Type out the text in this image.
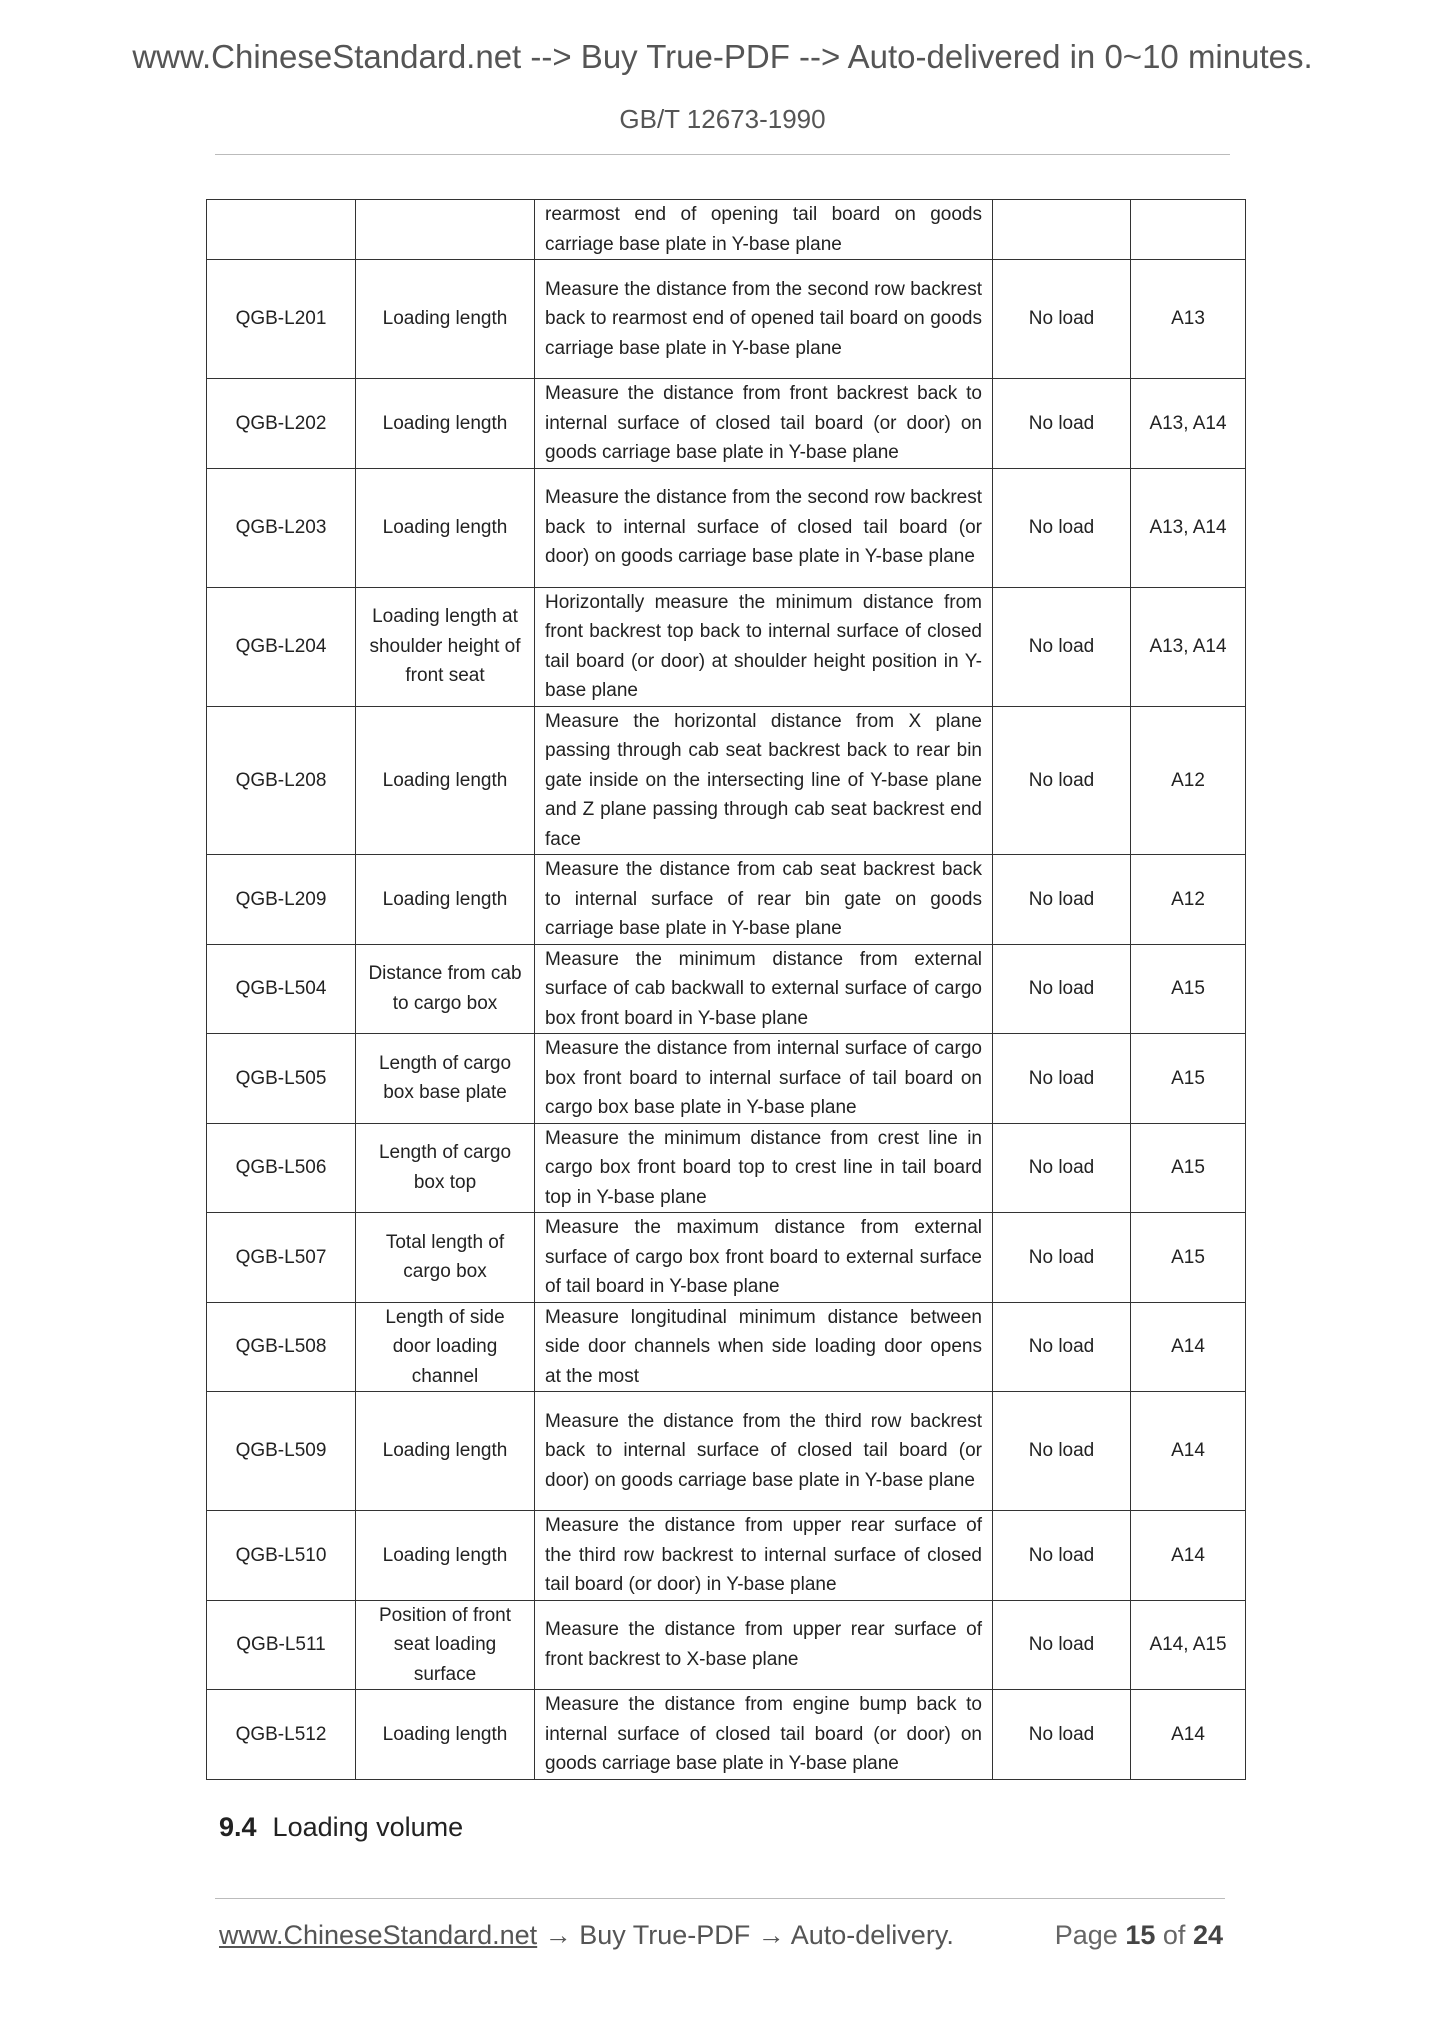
www.ChineseStandard.net --> Buy True-PDF --> Auto-delivered in 0~10 minutes.
GB/T 12673-1990
		rearmost end of opening tail board on goods carriage base plate in Y-base plane		
QGB-L201	Loading length	Measure the distance from the second row backrest back to rearmost end of opened tail board on goods carriage base plate in Y-base plane	No load	A13
QGB-L202	Loading length	Measure the distance from front backrest back to internal surface of closed tail board (or door) on goods carriage base plate in Y-base plane	No load	A13, A14
QGB-L203	Loading length	Measure the distance from the second row backrest back to internal surface of closed tail board (or door) on goods carriage base plate in Y-base plane	No load	A13, A14
QGB-L204	Loading length at shoulder height of front seat	Horizontally measure the minimum distance from front backrest top back to internal surface of closed tail board (or door) at shoulder height position in Y-base plane	No load	A13, A14
QGB-L208	Loading length	Measure the horizontal distance from X plane passing through cab seat backrest back to rear bin gate inside on the intersecting line of Y-base plane and Z plane passing through cab seat backrest end face	No load	A12
QGB-L209	Loading length	Measure the distance from cab seat backrest back to internal surface of rear bin gate on goods carriage base plate in Y-base plane	No load	A12
QGB-L504	Distance from cab to cargo box	Measure the minimum distance from external surface of cab backwall to external surface of cargo box front board in Y-base plane	No load	A15
QGB-L505	Length of cargo box base plate	Measure the distance from internal surface of cargo box front board to internal surface of tail board on cargo box base plate in Y-base plane	No load	A15
QGB-L506	Length of cargo box top	Measure the minimum distance from crest line in cargo box front board top to crest line in tail board top in Y-base plane	No load	A15
QGB-L507	Total length of cargo box	Measure the maximum distance from external surface of cargo box front board to external surface of tail board in Y-base plane	No load	A15
QGB-L508	Length of side door loading channel	Measure longitudinal minimum distance between side door channels when side loading door opens at the most	No load	A14
QGB-L509	Loading length	Measure the distance from the third row backrest back to internal surface of closed tail board (or door) on goods carriage base plate in Y-base plane	No load	A14
QGB-L510	Loading length	Measure the distance from upper rear surface of the third row backrest to internal surface of closed tail board (or door) in Y-base plane	No load	A14
QGB-L511	Position of front seat loading surface	Measure the distance from upper rear surface of front backrest to X-base plane	No load	A14, A15
QGB-L512	Loading length	Measure the distance from engine bump back to internal surface of closed tail board (or door) on goods carriage base plate in Y-base plane	No load	A14
9.4 Loading volume
www.ChineseStandard.net → Buy True-PDF → Auto-delivery.	Page 15 of 24
